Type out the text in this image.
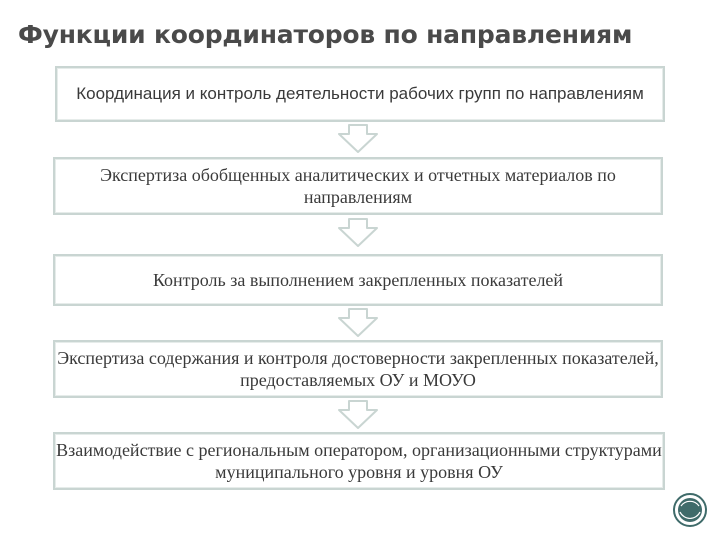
Функции координаторов по направлениям
Координация и контроль деятельности рабочих групп по направлениям
Экспертиза обобщенных аналитических и отчетных материалов по направлениям
Контроль за выполнением закрепленных показателей
Экспертиза содержания и контроля достоверности закрепленных показателей, предоставляемых ОУ и МОУО
Взаимодействие с региональным оператором, организационными структурами муниципального уровня и уровня ОУ
